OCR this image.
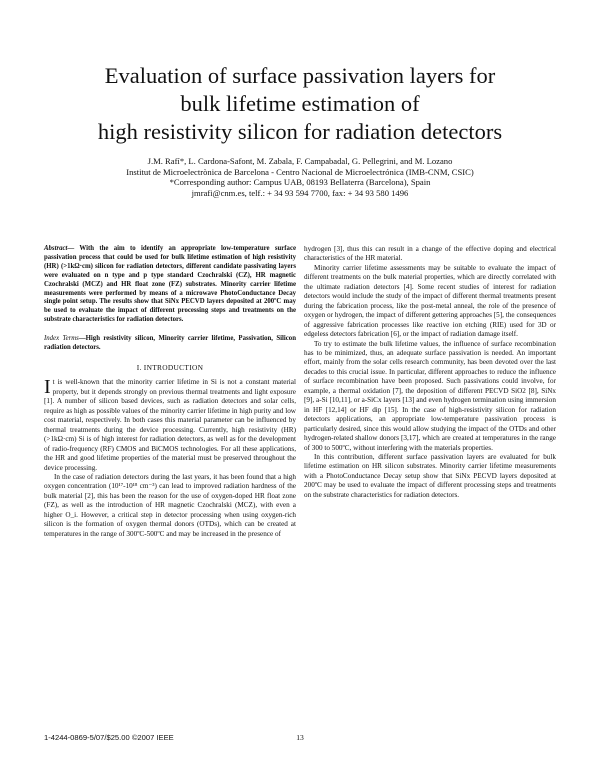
Evaluation of surface passivation layers for
bulk lifetime estimation of
high resistivity silicon for radiation detectors
J.M. Rafí*, L. Cardona-Safont, M. Zabala, F. Campabadal, G. Pellegrini, and M. Lozano
Institut de Microelectrònica de Barcelona - Centro Nacional de Microelectrónica (IMB-CNM, CSIC)
*Corresponding author: Campus UAB, 08193 Bellaterra (Barcelona), Spain
jmrafi@cnm.es, telf.: + 34 93 594 7700, fax: + 34 93 580 1496
Abstract— With the aim to identify an appropriate low-temperature surface passivation process that could be used for bulk lifetime estimation of high resistivity (HR) (>1kΩ·cm) silicon for radiation detectors, different candidate passivating layers were evaluated on n type and p type standard Czochralski (CZ), HR magnetic Czochralski (MCZ) and HR float zone (FZ) substrates. Minority carrier lifetime measurements were performed by means of a microwave PhotoConductance Decay single point setup. The results show that SiNx PECVD layers deposited at 200ºC may be used to evaluate the impact of different processing steps and treatments on the substrate characteristics for radiation detectors.
Index Terms—High resistivity silicon, Minority carrier lifetime, Passivation, Silicon radiation detectors.
I. INTRODUCTION

It is well-known that the minority carrier lifetime in Si is not a constant material property, but it depends strongly on previous thermal treatments and light exposure [1]. A number of silicon based devices, such as radiation detectors and solar cells, require as high as possible values of the minority carrier lifetime in high purity and low cost material, respectively. In both cases this material parameter can be influenced by thermal treatments during the device processing. Currently, high resistivity (HR) (>1kΩ·cm) Si is of high interest for radiation detectors, as well as for the development of radio-frequency (RF) CMOS and BiCMOS technologies. For all these applications, the HR and good lifetime properties of the material must be preserved throughout the device processing.

In the case of radiation detectors during the last years, it has been found that a high oxygen concentration (10¹⁷-10¹⁸ cm⁻³) can lead to improved radiation hardness of the bulk material [2], this has been the reason for the use of oxygen-doped HR float zone (FZ), as well as the introduction of HR magnetic Czochralski (MCZ), with even a higher O_i. However, a critical step in detector processing when using oxygen-rich silicon is the formation of oxygen thermal donors (OTDs), which can be created at temperatures in the range of 300ºC-500ºC and may be increased in the presence of

hydrogen [3], thus this can result in a change of the effective doping and electrical characteristics of the HR material.

Minority carrier lifetime assessments may be suitable to evaluate the impact of different treatments on the bulk material properties, which are directly correlated with the ultimate radiation detectors [4]. Some recent studies of interest for radiation detectors would include the study of the impact of different thermal treatments present during the fabrication process, like the post-metal anneal, the role of the presence of oxygen or hydrogen, the impact of different gettering approaches [5], the consequences of aggressive fabrication processes like reactive ion etching (RIE) used for 3D or edgeless detectors fabrication [6], or the impact of radiation damage itself.

To try to estimate the bulk lifetime values, the influence of surface recombination has to be minimized, thus, an adequate surface passivation is needed. An important effort, mainly from the solar cells research community, has been devoted over the last decades to this crucial issue. In particular, different approaches to reduce the influence of surface recombination have been proposed. Such passivations could involve, for example, a thermal oxidation [7], the deposition of different PECVD SiO2 [8], SiNx [9], a-Si [10,11], or a-SiCx layers [13] and even hydrogen termination using immersion in HF [12,14] or HF dip [15]. In the case of high-resistivity silicon for radiation detectors applications, an appropriate low-temperature passivation process is particularly desired, since this would allow studying the impact of the OTDs and other hydrogen-related shallow donors [3,17], which are created at temperatures in the range of 300 to 500ºC, without interfering with the materials properties.

In this contribution, different surface passivation layers are evaluated for bulk lifetime estimation on HR silicon substrates. Minority carrier lifetime measurements with a PhotoConductance Decay setup show that SiNx PECVD layers deposited at 200ºC may be used to evaluate the impact of different processing steps and treatments on the substrate characteristics for radiation detectors.

1-4244-0869-5/07/$25.00 ©2007 IEEE	13
